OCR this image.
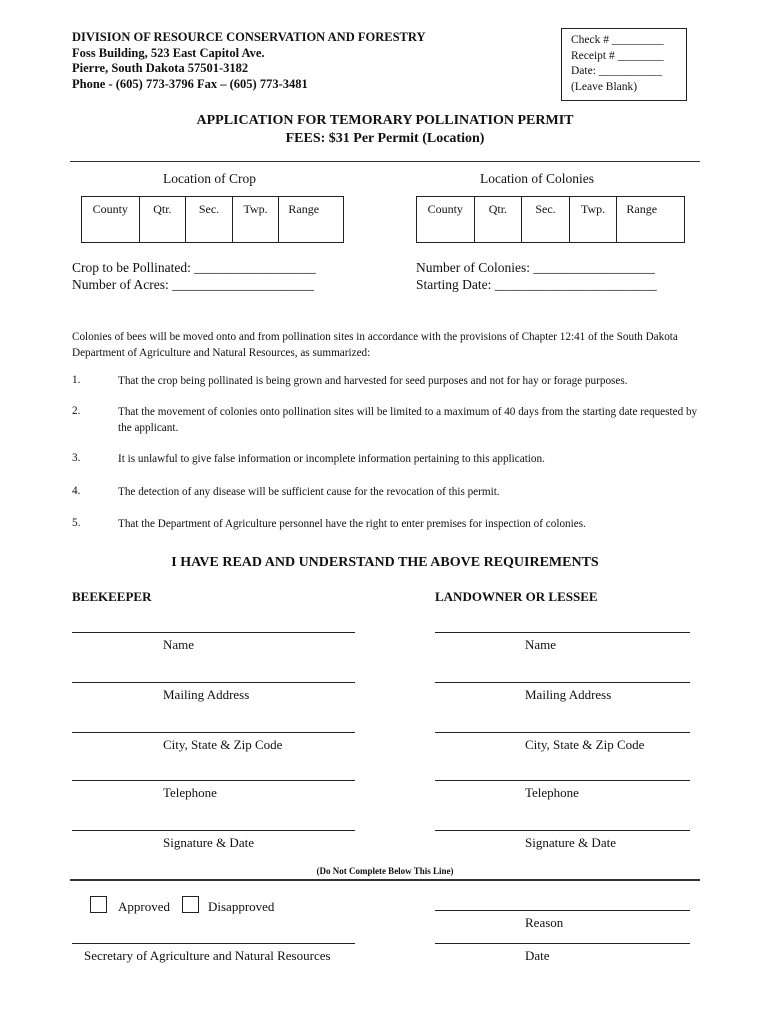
DIVISION OF RESOURCE CONSERVATION AND FORESTRY
Foss Building, 523 East Capitol Ave.
Pierre, South Dakota 57501-3182
Phone - (605) 773-3796 Fax – (605) 773-3481
Check # _________
Receipt # ________
Date: ___________
(Leave Blank)
APPLICATION FOR TEMORARY POLLINATION PERMIT
FEES: $31 Per Permit (Location)
Location of Crop	Location of Colonies
County	Qtr.	Sec.	Twp.	Range	County	Qtr.	Sec.	Twp.	Range
Crop to be Pollinated: __________________
Number of Acres: _____________________
Number of Colonies: __________________
Starting Date: ________________________
Colonies of bees will be moved onto and from pollination sites in accordance with the provisions of Chapter 12:41 of the South Dakota Department of Agriculture and Natural Resources, as summarized:
1.	That the crop being pollinated is being grown and harvested for seed purposes and not for hay or forage purposes.
2.	That the movement of colonies onto pollination sites will be limited to a maximum of 40 days from the starting date requested by the applicant.
3.	It is unlawful to give false information or incomplete information pertaining to this application.
4.	The detection of any disease will be sufficient cause for the revocation of this permit.
5.	That the Department of Agriculture personnel have the right to enter premises for inspection of colonies.
I HAVE READ AND UNDERSTAND THE ABOVE REQUIREMENTS
BEEKEEPER	LANDOWNER OR LESSEE
Name
Mailing Address
City, State & Zip Code
Telephone
Signature & Date
Name
Mailing Address
City, State & Zip Code
Telephone
Signature & Date
(Do Not Complete Below This Line)
Approved	Disapproved
Secretary of Agriculture and Natural Resources
Reason
Date
